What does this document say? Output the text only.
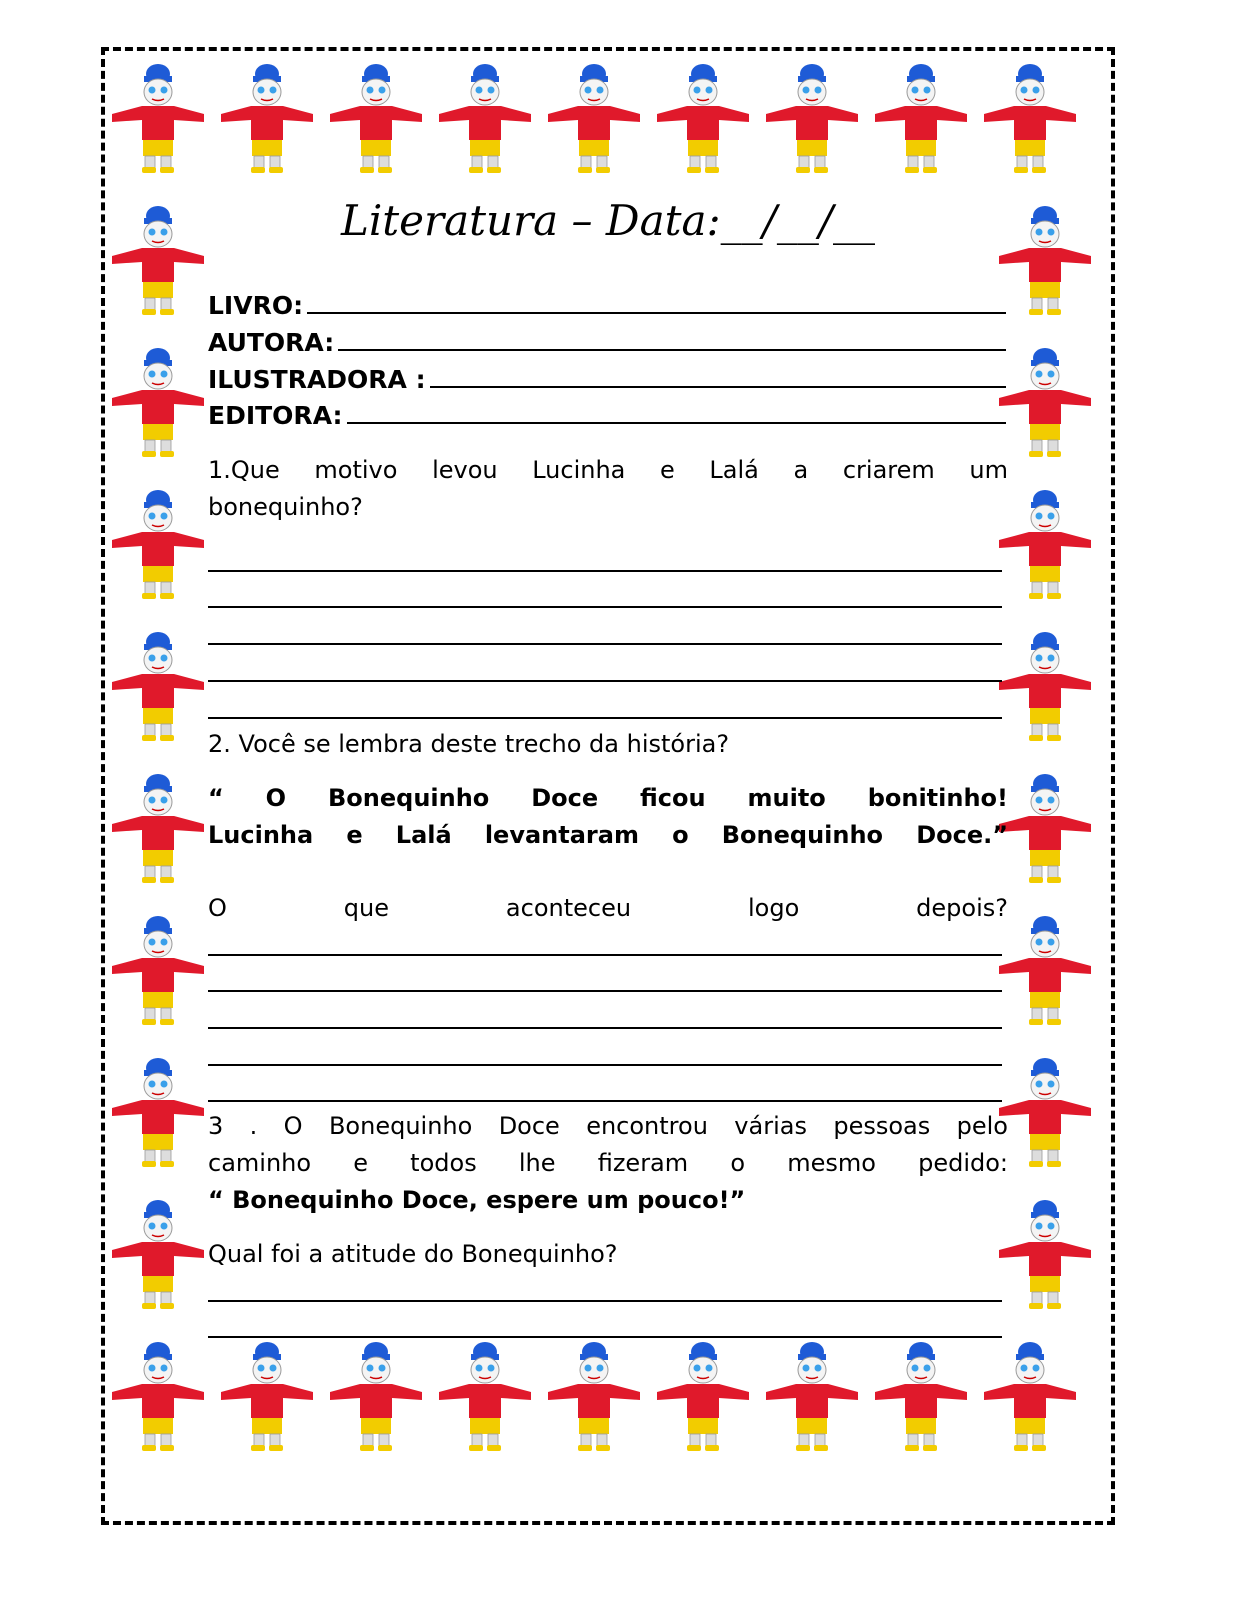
Literatura – Data:__/__/__
LIVRO:
AUTORA:
ILUSTRADORA :
EDITORA:
1.Que motivo levou Lucinha e Lalá a criarem um
bonequinho?
2. Você se lembra deste trecho da história?
“ O Bonequinho Doce ficou muito bonitinho!
Lucinha e Lalá levantaram o Bonequinho Doce.”
O que aconteceu logo depois?
3 . O Bonequinho Doce encontrou várias pessoas pelo
caminho e todos lhe fizeram o mesmo pedido:
“ Bonequinho Doce, espere um pouco!”
Qual foi a atitude do Bonequinho?
